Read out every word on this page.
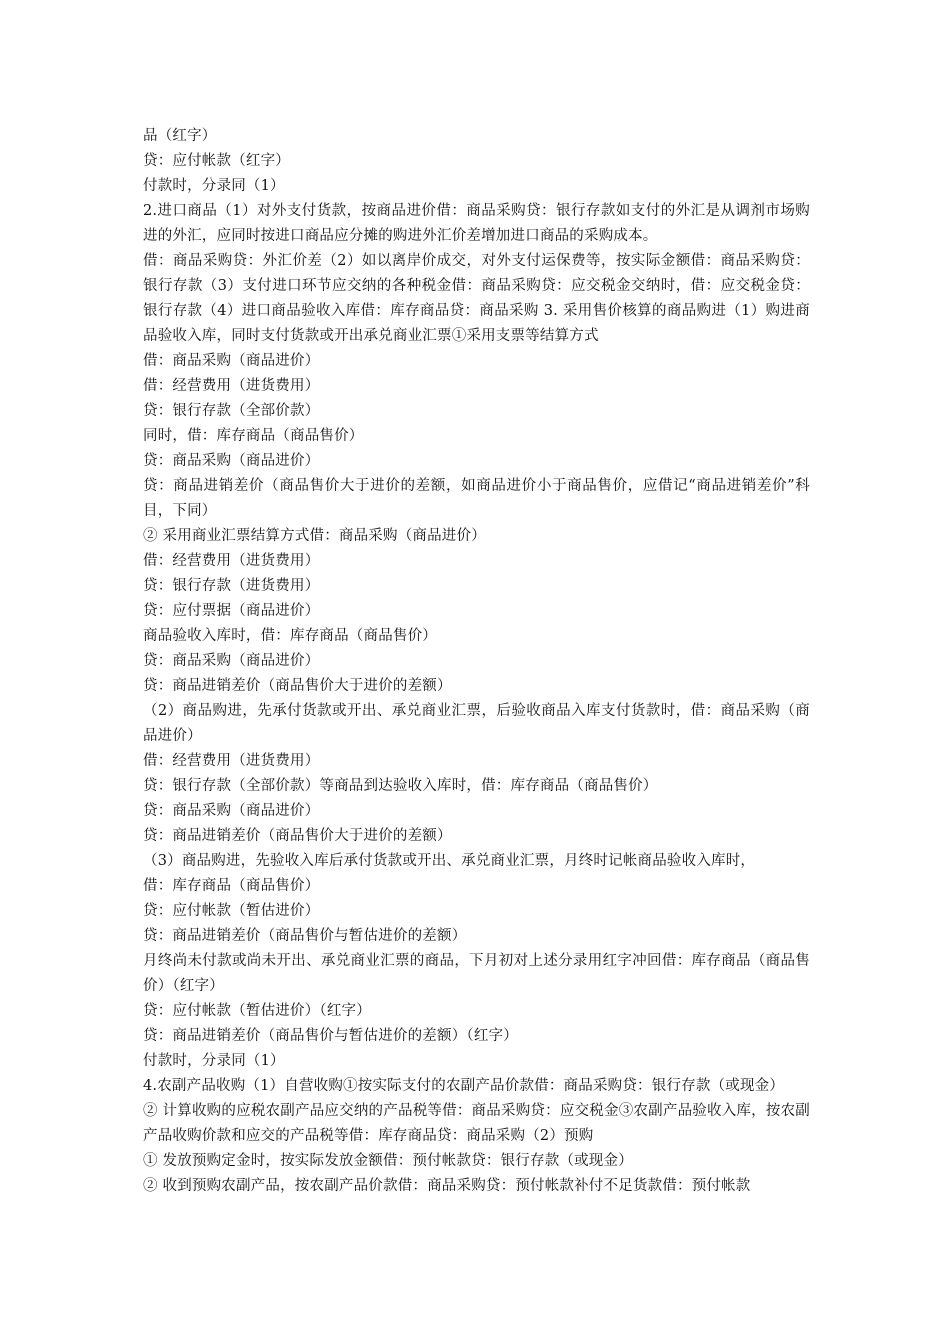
品（红字）

贷：应付帐款（红字）

付款时，分录同（1）

2.进口商品（1）对外支付货款，按商品进价借：商品采购贷：银行存款如支付的外汇是从调剂市场购进的外汇，应同时按进口商品应分摊的购进外汇价差增加进口商品的采购成本。

借：商品采购贷：外汇价差（2）如以离岸价成交，对外支付运保费等，按实际金额借：商品采购贷：银行存款（3）支付进口环节应交纳的各种税金借：商品采购贷：应交税金交纳时，借：应交税金贷：银行存款（4）进口商品验收入库借：库存商品贷：商品采购 3. 采用售价核算的商品购进（1）购进商品验收入库，同时支付货款或开出承兑商业汇票①采用支票等结算方式

借：商品采购（商品进价）

借：经营费用（进货费用）

贷：银行存款（全部价款）

同时，借：库存商品（商品售价）

贷：商品采购（商品进价）

贷：商品进销差价（商品售价大于进价的差额，如商品进价小于商品售价，应借记“商品进销差价”科目，下同）

② 采用商业汇票结算方式借：商品采购（商品进价）

借：经营费用（进货费用）

贷：银行存款（进货费用）

贷：应付票据（商品进价）

商品验收入库时，借：库存商品（商品售价）

贷：商品采购（商品进价）

贷：商品进销差价（商品售价大于进价的差额）

（2）商品购进，先承付货款或开出、承兑商业汇票，后验收商品入库支付货款时，借：商品采购（商品进价）

借：经营费用（进货费用）

贷：银行存款（全部价款）等商品到达验收入库时，借：库存商品（商品售价）

贷：商品采购（商品进价）

贷：商品进销差价（商品售价大于进价的差额）

（3）商品购进，先验收入库后承付货款或开出、承兑商业汇票，月终时记帐商品验收入库时，

借：库存商品（商品售价）

贷：应付帐款（暂估进价）

贷：商品进销差价（商品售价与暂估进价的差额）

月终尚未付款或尚未开出、承兑商业汇票的商品，下月初对上述分录用红字冲回借：库存商品（商品售价）（红字）

贷：应付帐款（暂估进价）（红字）

贷：商品进销差价（商品售价与暂估进价的差额）（红字）

付款时，分录同（1）

4.农副产品收购（1）自营收购①按实际支付的农副产品价款借：商品采购贷：银行存款（或现金）

② 计算收购的应税农副产品应交纳的产品税等借：商品采购贷：应交税金③农副产品验收入库，按农副产品收购价款和应交的产品税等借：库存商品贷：商品采购（2）预购

① 发放预购定金时，按实际发放金额借：预付帐款贷：银行存款（或现金）

② 收到预购农副产品，按农副产品价款借：商品采购贷：预付帐款补付不足货款借：预付帐款
